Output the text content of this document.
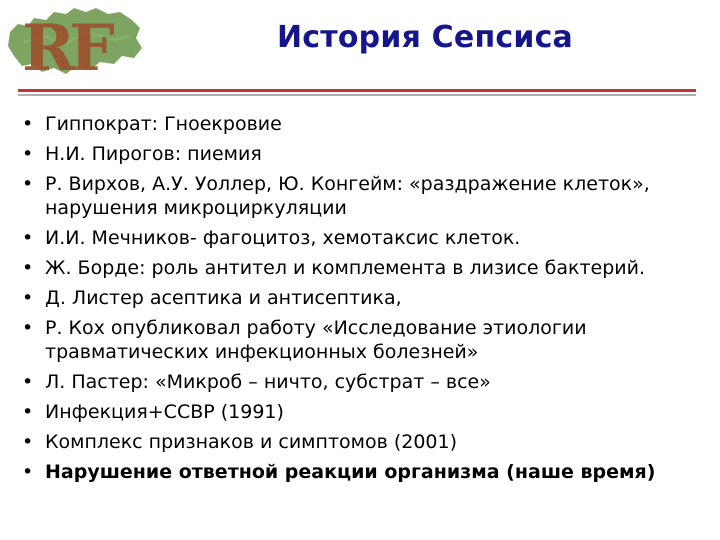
RF	История Сепсиса
• Гиппократ: Гноекровие
• Н.И. Пирогов: пиемия
• Р. Вирхов, А.У. Уоллер, Ю. Конгейм: «раздражение клеток», нарушения микроциркуляции
• И.И. Мечников- фагоцитоз, хемотаксис клеток.
• Ж. Борде: роль антител и комплемента в лизисе бактерий.
• Д. Листер асептика и антисептика,
• Р. Кох опубликовал работу «Исследование этиологии травматических инфекционных болезней»
• Л. Пастер: «Микроб – ничто, субстрат – все»
• Инфекция+ССВР (1991)
• Комплекс признаков и симптомов (2001)
• Нарушение ответной реакции организма (наше время)
